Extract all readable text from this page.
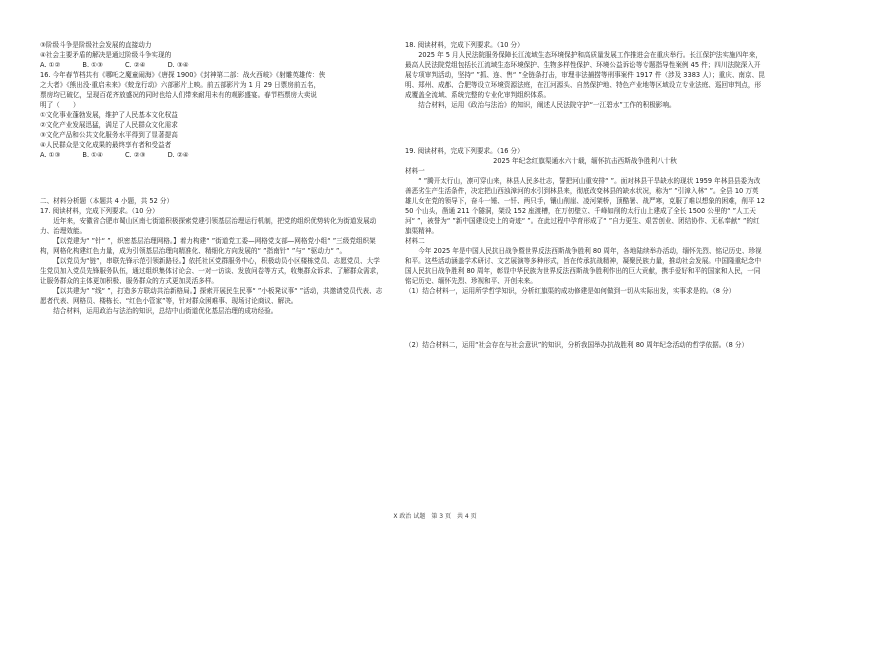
③阶级斗争是阶级社会发展的直接动力

④社会主要矛盾的解决是通过阶级斗争实现的

A. ①②	B. ①③	C. ②④	D. ③④

16. 今年春节档共有《哪吒之魔童闹海》《唐探 1900》《封神第二部：战火西岐》《射雕英雄传：侠

之大者》《熊出没·重启未来》《蛟龙行动》六部影片上映。前五部影片为 1 月 29 日票房前五名，

票房均已破亿，呈现百花齐放盛况的同时也给人们带来耐用未有的观影盛宴。春节档票房大卖说

明了（　　）

①文化事业蓬勃发展，维护了人民基本文化权益

②文化产业发展迅猛，满足了人民群众文化需求

③文化产品和公共文化服务水平得到了显著提高

④人民群众是文化成果的最终享有者和受益者

A. ①③	B. ①④	C. ②③	D. ②④

二、材料分析题（本题共 4 小题，共 52 分）

17. 阅读材料，完成下列要求。（10 分）

近年来，安徽省合肥市蜀山区南七街道积极探索党建引领基层治理运行机制，把党的组织优势转化为街道发展动力、治理效能。

【以党建为“ ”针“ ”，织密基层治理网格。】着力构建“ ”街道党工委—网格党支部—网格党小组“ ”三级党组织架构，网格化构建红色力量，成为引领基层治理向精准化、精细化方向发展的“ ”指南针“ ”与“ ”驱动力“ ”。

【以党员为“链”，串联先锋示范引领新路径。】依托社区党群服务中心，积极动员小区楼栋党员、志愿党员、大学生党员加入党员先锋服务队伍，通过组织集体讨论会、一对一访谈、发放问卷等方式，收集群众诉求、了解群众需求，让服务群众的主体更加积极、服务群众的方式更加灵活多样。

【以共建为“ ”线“ ”，打造多方联动共治新格局。】探索开展民生民事“ ”小板凳议事“ ”活动，共邀请党员代表、志愿者代表、网格员、楼栋长、“红色小管家”等，针对群众困难事、现场讨论商议、解决。

结合材料，运用政治与法治的知识，总结中山街道优化基层治理的成功经验。

18. 阅读材料，完成下列要求。（10 分）

2025 年 5 月人民法院服务保障长江流域生态环境保护和高质量发展工作推进会在重庆举行。长江保护法实施四年来，最高人民法院党组包括长江流域生态环境保护、生物多样性保护、环境公益诉讼等专题指导性案例 45 件；四川法院深入开展专项审判活动，坚持“ ”抓、连、售“ ”全链条打击，审理非法捕捞等刑事案件 1917 件（涉及 3383 人）；重庆、南京、昆明、郑州、成都、合肥等设立环境资源法庭，在江河源头、自然保护地、特色产业地等区域设立专业法庭、巡回审判点，形成覆盖全流域、系统完整的专业化审判组织体系。

结合材料，运用《政治与法治》的知识，阐述人民法院守护“一江碧水”工作的积极影响。

19. 阅读材料，完成下列要求。（16 分）

2025 年纪念红旗渠通水六十载，缅怀抗击西斯战争胜利八十秋

材料一

“ ”腾开太行山，凛可穿山来，林县人民多壮志，誓把河山重安排“ ”。面对林县干旱缺水的现状 1959 年林县县委为改善恶劣生产生活条件，决定把山西浊漳河的水引到林县来，彻底改变林县的缺水状况，称为“ ”引漳入林“ ”。全县 10 万英雄儿女在党的领导下，奋斗一锤、一钎、两只手，镶山削崖、凌河架桥，顶酷暑、战严寒，克服了难以想象的困难，削平 1250 个山头，凿通 211 个隧洞，架设 152 座渡槽，在万仞壁立、千峰如削的太行山上建成了全长 1500 公里的“ ”人工天河“ ”，被誉为“ ”新中国建设史上的奇迹“ ”。在此过程中孕育形成了“ ”自力更生、艰苦创业、团结协作、无私奉献“ ”的红旗渠精神。

材料二

今年 2025 年是中国人民抗日战争暨世界反法西斯战争胜利 80 周年，各地陆续举办活动，缅怀先烈、铭记历史、珍视和平。这些活动涵盖学术研讨、文艺展演等多种形式，旨在传承抗战精神，凝聚民族力量，推动社会发展。中国隆重纪念中国人民抗日战争胜利 80 周年，彰显中华民族为世界反法西斯战争胜利作出的巨大贡献，携手爱好和平的国家和人民，一同铭记历史、缅怀先烈、珍视和平、开创未来。

（1）结合材料一，运用所学哲学知识，分析红旗渠的成功修建是如何做到一切从实际出发，实事求是的。（8 分）

（2）结合材料二，运用“社会存在与社会意识”的知识，分析我国举办抗战胜利 80 周年纪念活动的哲学依据。（8 分）

X 政治 试题　第 3 页　共 4 页
